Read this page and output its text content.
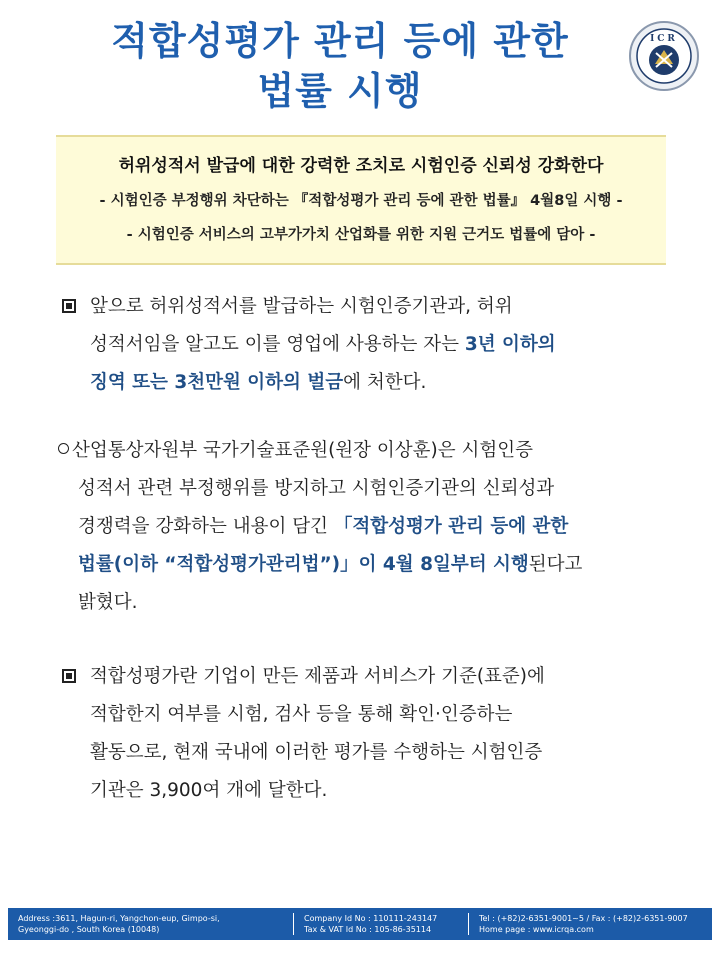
적합성평가 관리 등에 관한
법률 시행
ICR
허위성적서 발급에 대한 강력한 조치로 시험인증 신뢰성 강화한다
- 시험인증 부정행위 차단하는 『적합성평가 관리 등에 관한 법률』 4월8일 시행 -
- 시험인증 서비스의 고부가가치 산업화를 위한 지원 근거도 법률에 담아 -
앞으로 허위성적서를 발급하는 시험인증기관과, 허위
성적서임을 알고도 이를 영업에 사용하는 자는 3년 이하의
징역 또는 3천만원 이하의 벌금에 처한다.
산업통상자원부 국가기술표준원(원장 이상훈)은 시험인증
성적서 관련 부정행위를 방지하고 시험인증기관의 신뢰성과
경쟁력을 강화하는 내용이 담긴 「적합성평가 관리 등에 관한
법률(이하 “적합성평가관리법”)」이 4월 8일부터 시행된다고
밝혔다.
적합성평가란 기업이 만든 제품과 서비스가 기준(표준)에
적합한지 여부를 시험, 검사 등을 통해 확인·인증하는
활동으로, 현재 국내에 이러한 평가를 수행하는 시험인증
기관은 3,900여 개에 달한다.
Address :3611, Hagun-ri, Yangchon-eup, Gimpo-si,
Gyeonggi-do , South Korea (10048)
Company Id No : 110111-243147
Tax & VAT Id No : 105-86-35114
Tel : (+82)2-6351-9001~5 / Fax : (+82)2-6351-9007
Home page : www.icrqa.com
